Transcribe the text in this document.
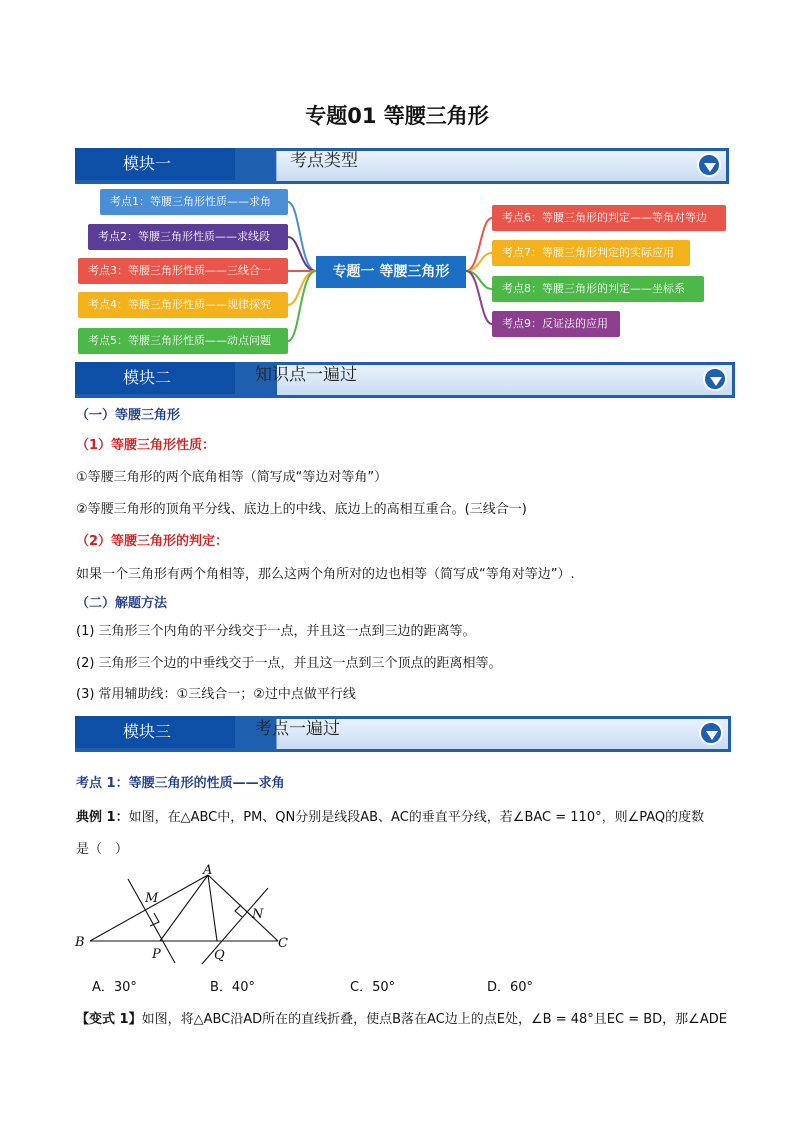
专题01 等腰三角形
模块一	考点类型
考点1：等腰三角形性质——求角
考点2：等腰三角形性质——求线段
考点3：等腰三角形性质——三线合一
考点4：等腰三角形性质——规律探究
考点5：等腰三角形性质——动点问题
专题一 等腰三角形
考点6：等腰三角形的判定——等角对等边
考点7：等腰三角形判定的实际应用
考点8：等腰三角形的判定——坐标系
考点9：反证法的应用
模块二	知识点一遍过
（一）等腰三角形
（1）等腰三角形性质：
①等腰三角形的两个底角相等（简写成“等边对等角”）
②等腰三角形的顶角平分线、底边上的中线、底边上的高相互重合。(三线合一)
（2）等腰三角形的判定：
如果一个三角形有两个角相等，那么这两个角所对的边也相等（简写成“等角对等边”）.
（二）解题方法
(1) 三角形三个内角的平分线交于一点，并且这一点到三边的距离等。
(2) 三角形三个边的中垂线交于一点，并且这一点到三个顶点的距离相等。
(3) 常用辅助线：①三线合一；②过中点做平行线
模块三	考点一遍过
考点 1：等腰三角形的性质——求角
典例 1：如图，在△ABC中，PM、QN分别是线段AB、AC的垂直平分线，若∠BAC = 110°，则∠PAQ的度数
是（　）
A
B	C
M
N
P	Q
A．30°	B．40°	C．50°	D．60°
【变式 1】如图，将△ABC沿AD所在的直线折叠，使点B落在AC边上的点E处，∠B = 48°且EC = BD，那∠ADE
